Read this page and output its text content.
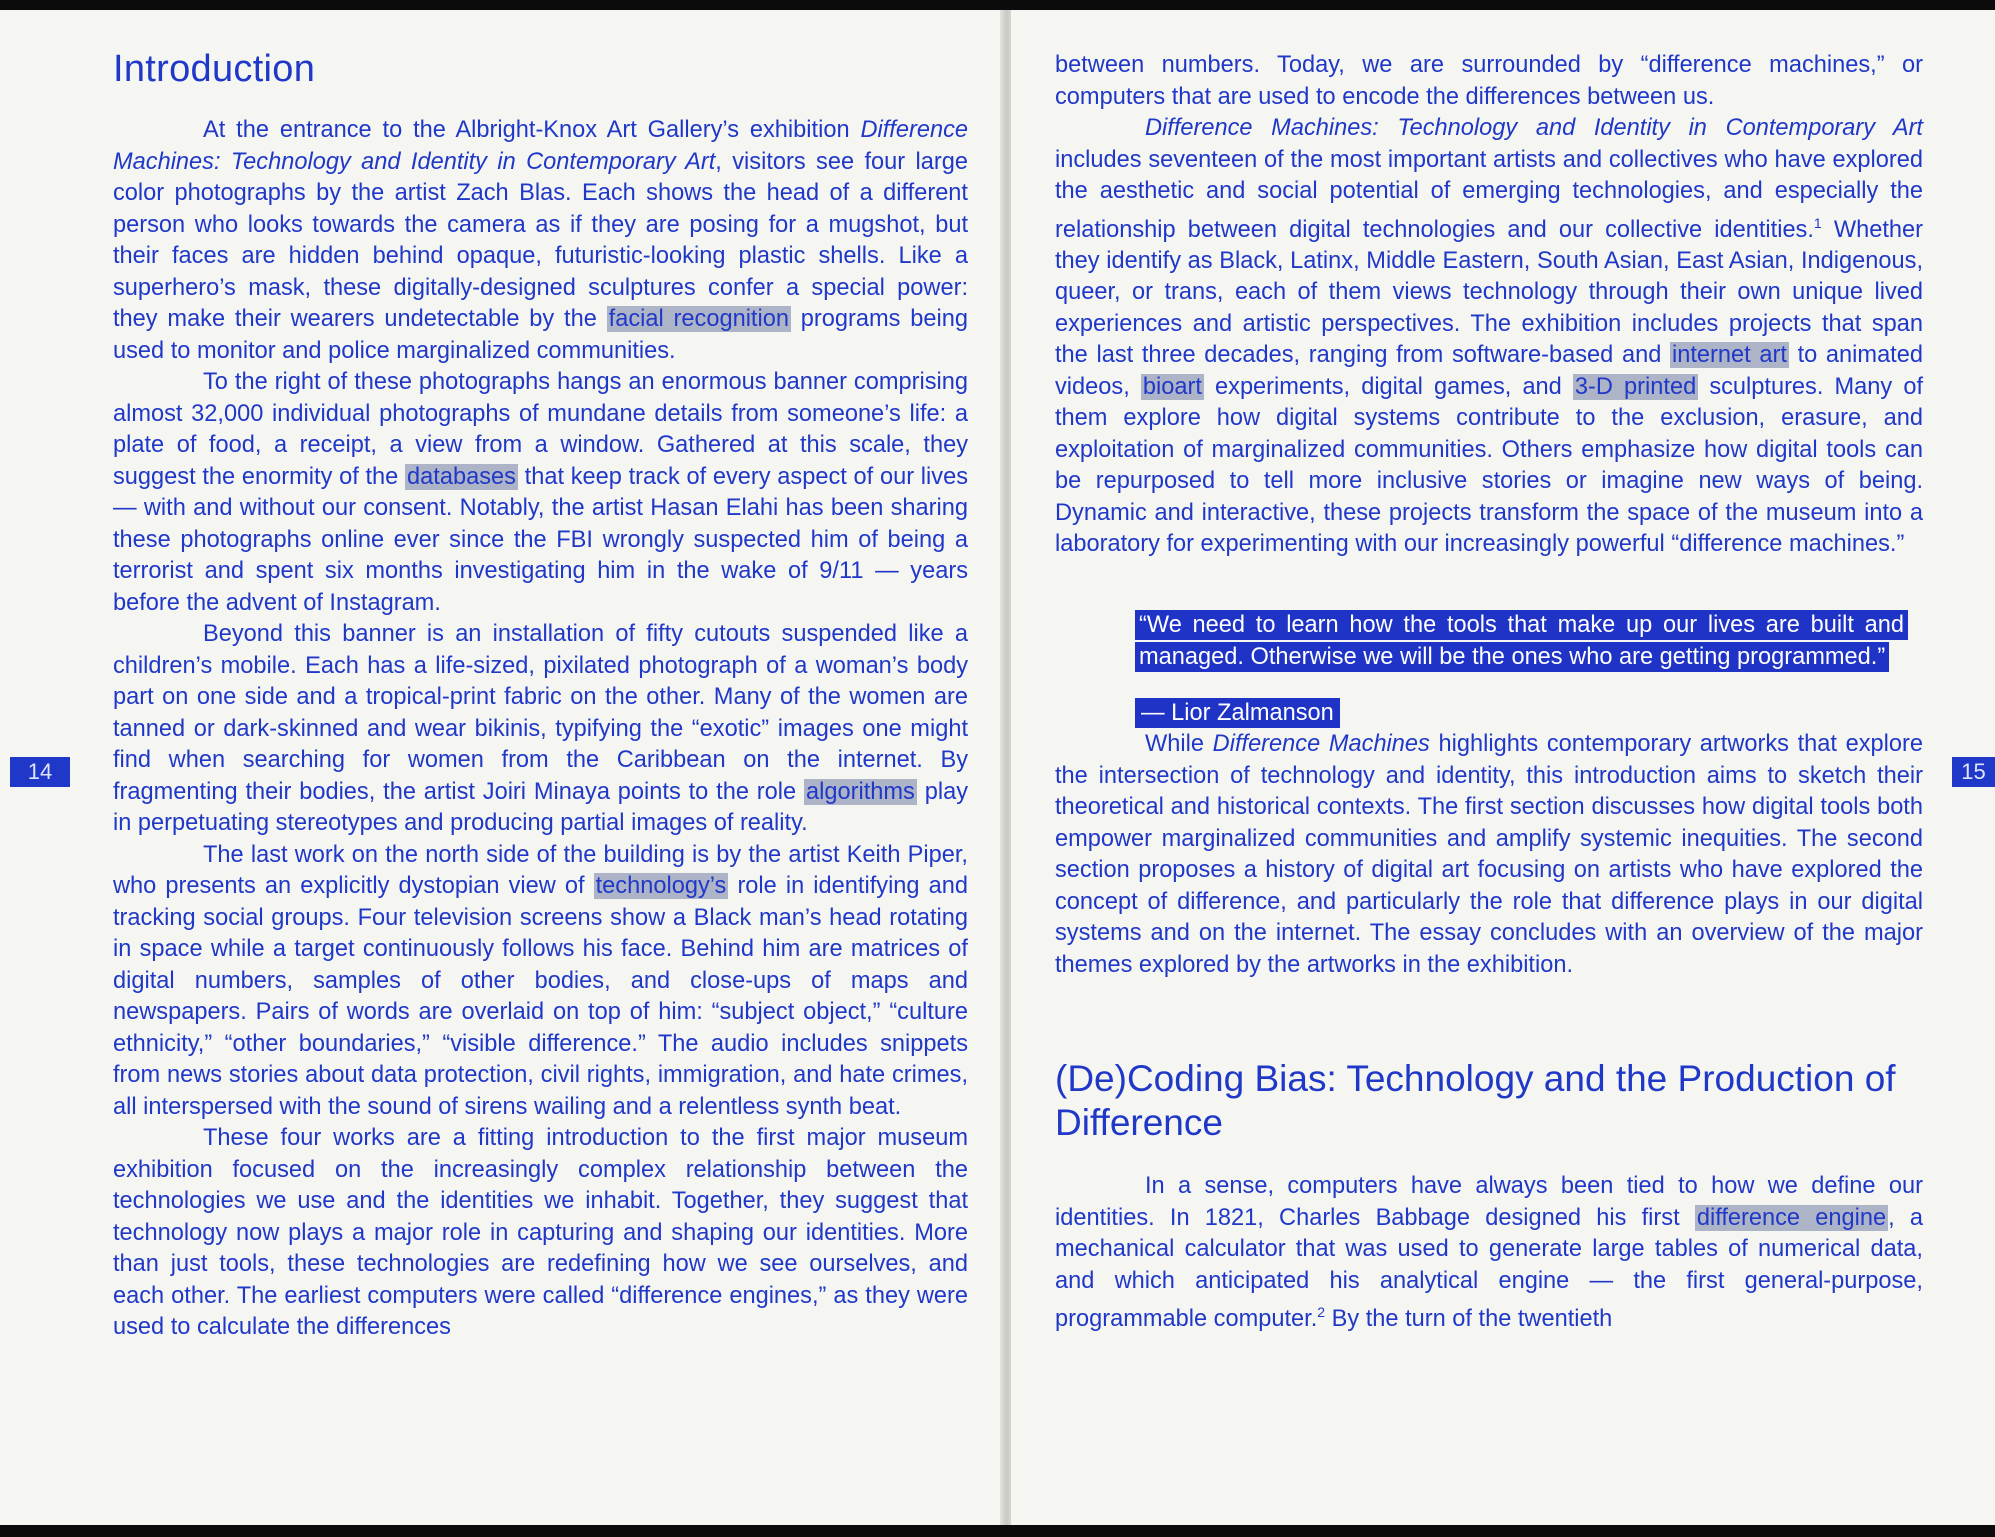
Introduction

At the entrance to the Albright-Knox Art Gallery’s exhibition Difference Machines: Technology and Identity in Contemporary Art, visitors see four large color photographs by the artist Zach Blas. Each shows the head of a different person who looks towards the camera as if they are posing for a mugshot, but their faces are hidden behind opaque, futuristic-looking plastic shells. Like a superhero’s mask, these digitally-designed sculptures confer a special power: they make their wearers undetectable by the facial recognition programs being used to monitor and police marginalized communities.

To the right of these photographs hangs an enormous banner comprising almost 32,000 individual photographs of mundane details from someone’s life: a plate of food, a receipt, a view from a window. Gathered at this scale, they suggest the enormity of the databases that keep track of every aspect of our lives — with and without our consent. Notably, the artist Hasan Elahi has been sharing these photographs online ever since the FBI wrongly suspected him of being a terrorist and spent six months investigating him in the wake of 9/11 — years before the advent of Instagram.

Beyond this banner is an installation of fifty cutouts suspended like a children’s mobile. Each has a life-sized, pixilated photograph of a woman’s body part on one side and a tropical-print fabric on the other. Many of the women are tanned or dark-skinned and wear bikinis, typifying the “exotic” images one might find when searching for women from the Caribbean on the internet. By fragmenting their bodies, the artist Joiri Minaya points to the role algorithms play in perpetuating stereotypes and producing partial images of reality.

The last work on the north side of the building is by the artist Keith Piper, who presents an explicitly dystopian view of technology’s role in identifying and tracking social groups. Four television screens show a Black man’s head rotating in space while a target continuously follows his face. Behind him are matrices of digital numbers, samples of other bodies, and close-ups of maps and newspapers. Pairs of words are overlaid on top of him: “subject object,” “culture ethnicity,” “other boundaries,” “visible difference.” The audio includes snippets from news stories about data protection, civil rights, immigration, and hate crimes, all interspersed with the sound of sirens wailing and a relentless synth beat.

These four works are a fitting introduction to the first major museum exhibition focused on the increasingly complex relationship between the technologies we use and the identities we inhabit. Together, they suggest that technology now plays a major role in capturing and shaping our identities. More than just tools, these technologies are redefining how we see ourselves, and each other. The earliest computers were called “difference engines,” as they were used to calculate the differences

between numbers. Today, we are surrounded by “difference machines,” or computers that are used to encode the differences between us.

Difference Machines: Technology and Identity in Contemporary Art includes seventeen of the most important artists and collectives who have explored the aesthetic and social potential of emerging technologies, and especially the relationship between digital technologies and our collective identities.$^1$ Whether they identify as Black, Latinx, Middle Eastern, South Asian, East Asian, Indigenous, queer, or trans, each of them views technology through their own unique lived experiences and artistic perspectives. The exhibition includes projects that span the last three decades, ranging from software-based and internet art to animated videos, bioart experiments, digital games, and 3-D printed sculptures. Many of them explore how digital systems contribute to the exclusion, erasure, and exploitation of marginalized communities. Others emphasize how digital tools can be repurposed to tell more inclusive stories or imagine new ways of being. Dynamic and interactive, these projects transform the space of the museum into a laboratory for experimenting with our increasingly powerful “difference machines.”

“We need to learn how the tools that make up our lives are built and managed. Otherwise we will be the ones who are getting programmed.”
— Lior Zalmanson

While Difference Machines highlights contemporary artworks that explore the intersection of technology and identity, this introduction aims to sketch their theoretical and historical contexts. The first section discusses how digital tools both empower marginalized communities and amplify systemic inequities. The second section proposes a history of digital art focusing on artists who have explored the concept of difference, and particularly the role that difference plays in our digital systems and on the internet. The essay concludes with an overview of the major themes explored by the artworks in the exhibition.

(De)Coding Bias: Technology and the Production of Difference

In a sense, computers have always been tied to how we define our identities. In 1821, Charles Babbage designed his first difference engine, a mechanical calculator that was used to generate large tables of numerical data, and which anticipated his analytical engine — the first general-purpose, programmable computer.$^2$ By the turn of the twentieth

14	15
